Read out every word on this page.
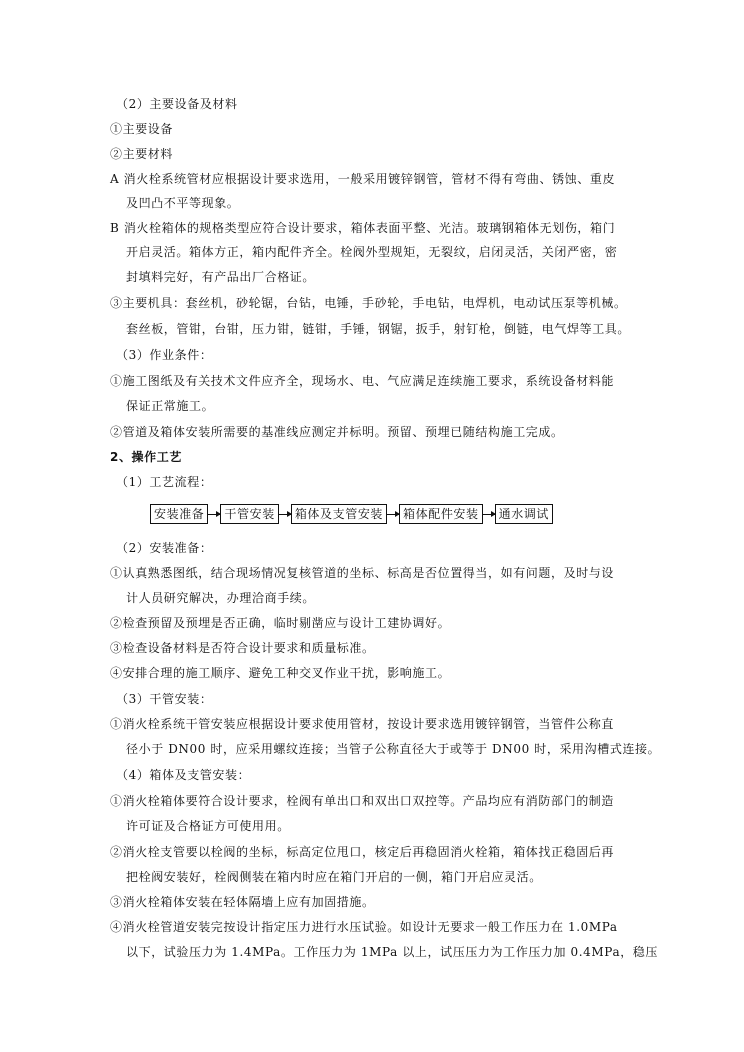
（2）主要设备及材料
①主要设备
②主要材料
A 消火栓系统管材应根据设计要求选用，一般采用镀锌钢管，管材不得有弯曲、锈蚀、重皮
及凹凸不平等现象。
B 消火栓箱体的规格类型应符合设计要求，箱体表面平整、光洁。玻璃钢箱体无划伤，箱门
开启灵活。箱体方正，箱内配件齐全。栓阀外型规矩，无裂纹，启闭灵活，关闭严密，密
封填料完好，有产品出厂合格证。
③主要机具：套丝机，砂轮锯，台钻，电锤，手砂轮，手电钻，电焊机，电动试压泵等机械。
套丝板，管钳，台钳，压力钳，链钳，手锤，钢锯，扳手，射钉枪，倒链，电气焊等工具。
（3）作业条件：
①施工图纸及有关技术文件应齐全，现场水、电、气应满足连续施工要求，系统设备材料能
保证正常施工。
②管道及箱体安装所需要的基准线应测定并标明。预留、预埋已随结构施工完成。
2、操作工艺
（1）工艺流程：
（2）安装准备：
①认真熟悉图纸，结合现场情况复核管道的坐标、标高是否位置得当，如有问题，及时与设
计人员研究解决，办理洽商手续。
②检查预留及预埋是否正确，临时剔凿应与设计工建协调好。
③检查设备材料是否符合设计要求和质量标准。
④安排合理的施工顺序、避免工种交叉作业干扰，影响施工。
（3）干管安装：
①消火栓系统干管安装应根据设计要求使用管材，按设计要求选用镀锌钢管，当管件公称直
径小于 DN00 时，应采用螺纹连接；当管子公称直径大于或等于 DN00 时，采用沟槽式连接。
（4）箱体及支管安装：
①消火栓箱体要符合设计要求，栓阀有单出口和双出口双控等。产品均应有消防部门的制造
许可证及合格证方可使用用。
②消火栓支管要以栓阀的坐标，标高定位甩口，核定后再稳固消火栓箱，箱体找正稳固后再
把栓阀安装好，栓阀侧装在箱内时应在箱门开启的一侧，箱门开启应灵活。
③消火栓箱体安装在轻体隔墙上应有加固措施。
④消火栓管道安装完按设计指定压力进行水压试验。如设计无要求一般工作压力在 1.0MPa
以下，试验压力为 1.4MPa。工作压力为 1MPa 以上，试压压力为工作压力加 0.4MPa，稳压
安装准备	干管安装	箱体及支管安装	箱体配件安装	通水调试
